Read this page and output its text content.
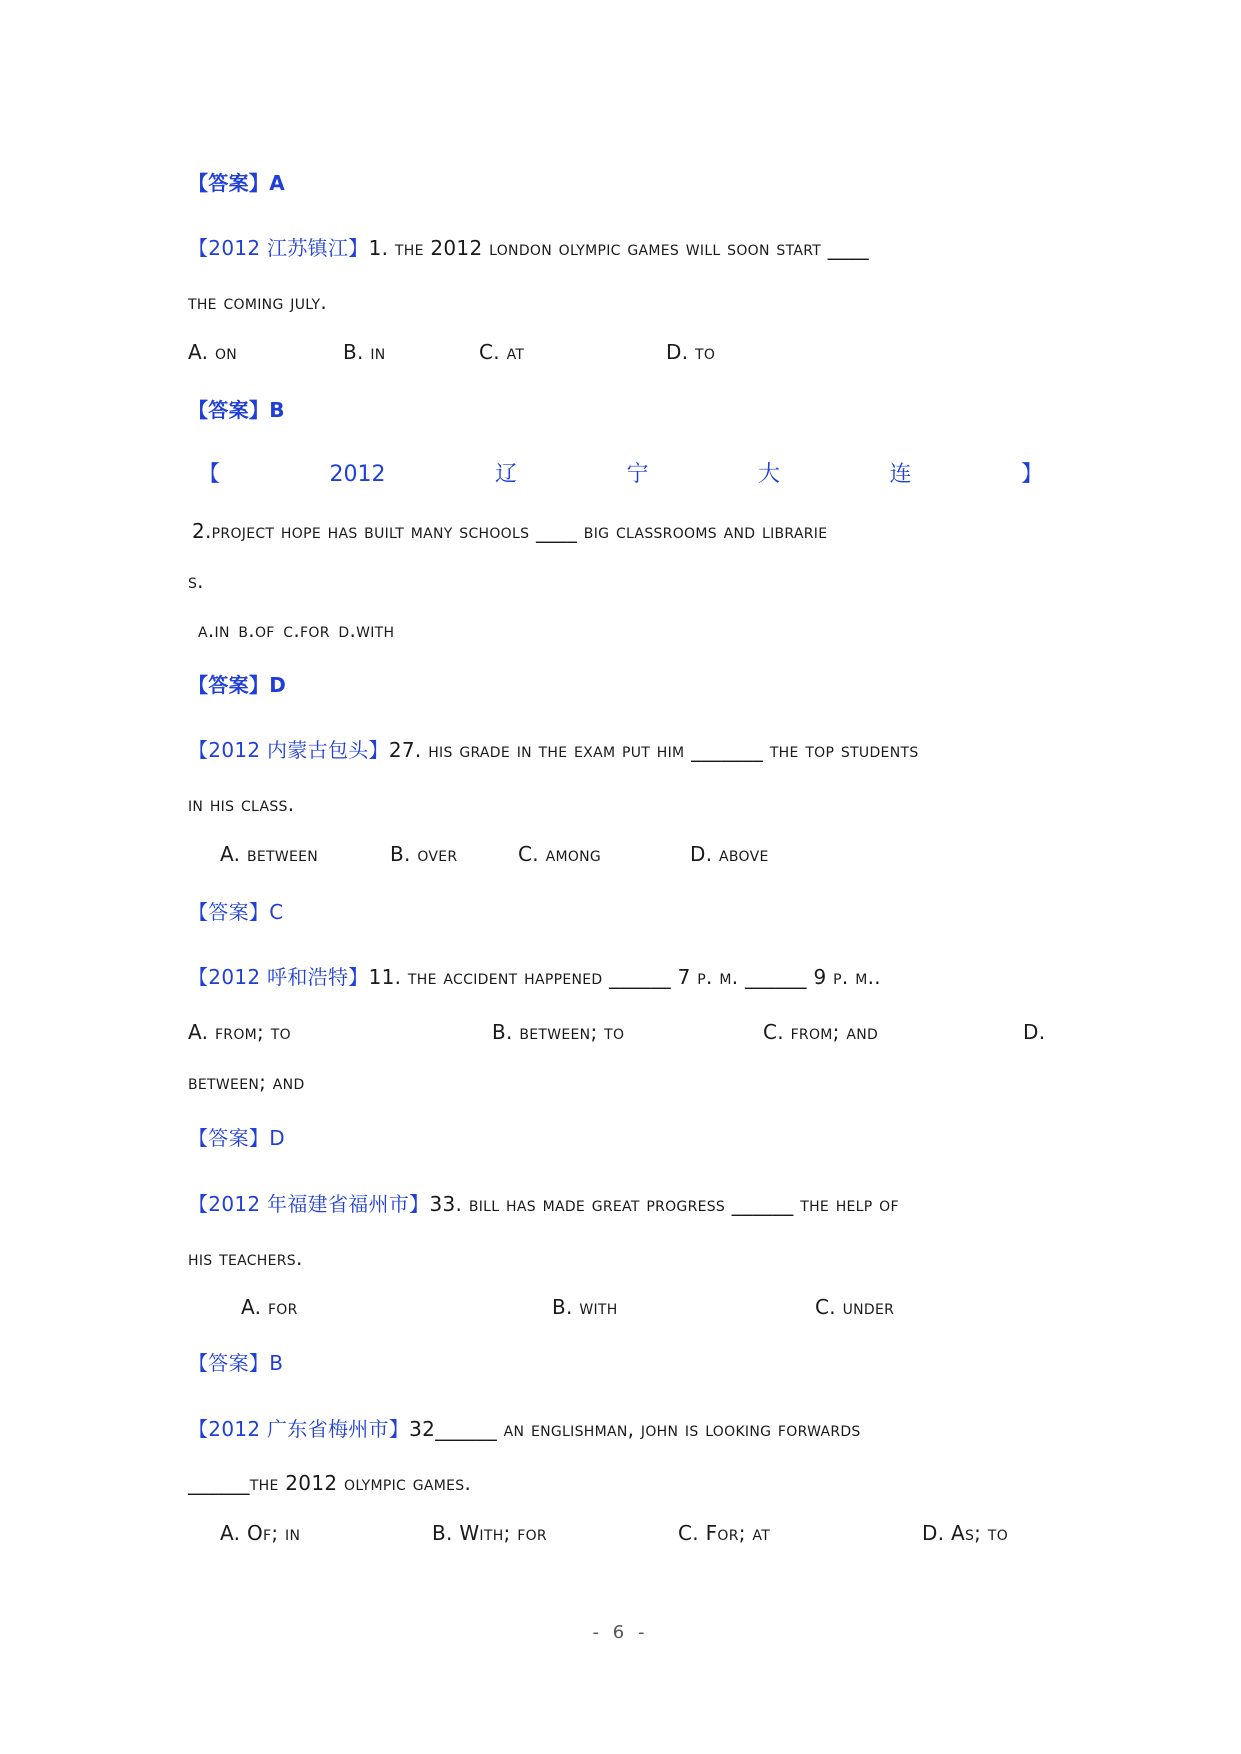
【答案】A
【2012 江苏镇江】1. the 2012 london olympic games will soon start ____
the coming july.
A. on	B. in	C. at	D. to
【答案】B
【	2012	辽	宁	大	连	】
2.project hope has built many schools ____ big classrooms and librarie
s.
a.in b.of c.for d.with
【答案】D
【2012 内蒙古包头】27. his grade in the exam put him _______ the top students
in his class.
A. between	B. over	C. among	D. above
【答案】C
【2012 呼和浩特】11. the accident happened ______ 7 p. m. ______ 9 p. m..
A. from; to	B. between; to	C. from; and	D.
between; and
【答案】D
【2012 年福建省福州市】33. bill has made great progress ______ the help of
his teachers.
A. for	B. with	C. under
【答案】B
【2012 广东省梅州市】32______ an englishman, john is looking forwards
______the 2012 olympic games.
A. Of; in	B. With; for	C. For; at	D. As; to
- 6 -
